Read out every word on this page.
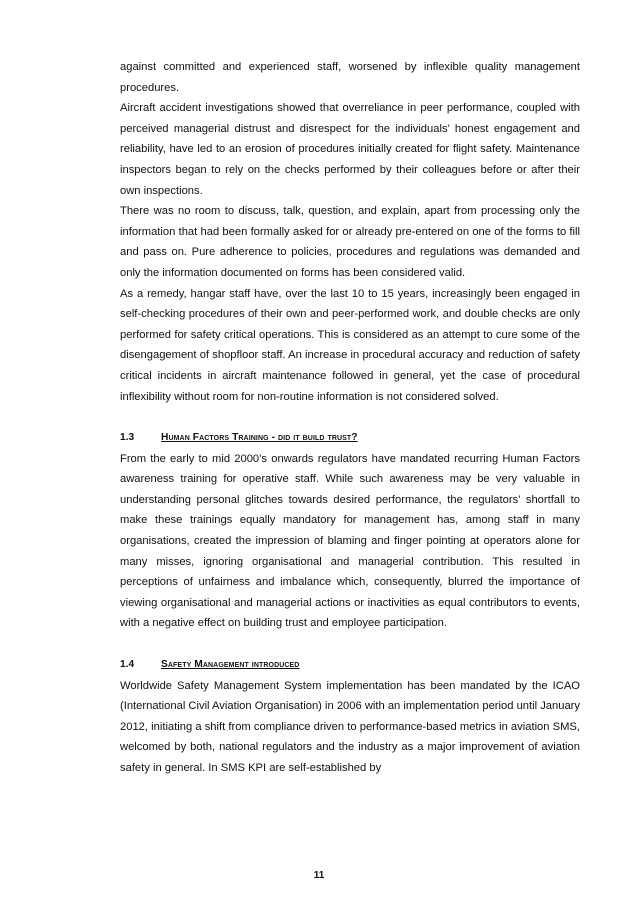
against committed and experienced staff, worsened by inflexible quality management procedures.

Aircraft accident investigations showed that overreliance in peer performance, coupled with perceived managerial distrust and disrespect for the individuals’ honest engagement and reliability, have led to an erosion of procedures initially created for flight safety. Maintenance inspectors began to rely on the checks performed by their colleagues before or after their own inspections.

There was no room to discuss, talk, question, and explain, apart from processing only the information that had been formally asked for or already pre-entered on one of the forms to fill and pass on. Pure adherence to policies, procedures and regulations was demanded and only the information documented on forms has been considered valid.

As a remedy, hangar staff have, over the last 10 to 15 years, increasingly been engaged in self-checking procedures of their own and peer-performed work, and double checks are only performed for safety critical operations. This is considered as an attempt to cure some of the disengagement of shopfloor staff. An increase in procedural accuracy and reduction of safety critical incidents in aircraft maintenance followed in general, yet the case of procedural inflexibility without room for non-routine information is not considered solved.

1.3	Human Factors Training - did it build trust?

From the early to mid 2000’s onwards regulators have mandated recurring Human Factors awareness training for operative staff. While such awareness may be very valuable in understanding personal glitches towards desired performance, the regulators’ shortfall to make these trainings equally mandatory for management has, among staff in many organisations, created the impression of blaming and finger pointing at operators alone for many misses, ignoring organisational and managerial contribution. This resulted in perceptions of unfairness and imbalance which, consequently, blurred the importance of viewing organisational and managerial actions or inactivities as equal contributors to events, with a negative effect on building trust and employee participation.

1.4	Safety Management introduced

Worldwide Safety Management System implementation has been mandated by the ICAO (International Civil Aviation Organisation) in 2006 with an implementation period until January 2012, initiating a shift from compliance driven to performance-based metrics in aviation SMS, welcomed by both, national regulators and the industry as a major improvement of aviation safety in general. In SMS KPI are self-established by

11
